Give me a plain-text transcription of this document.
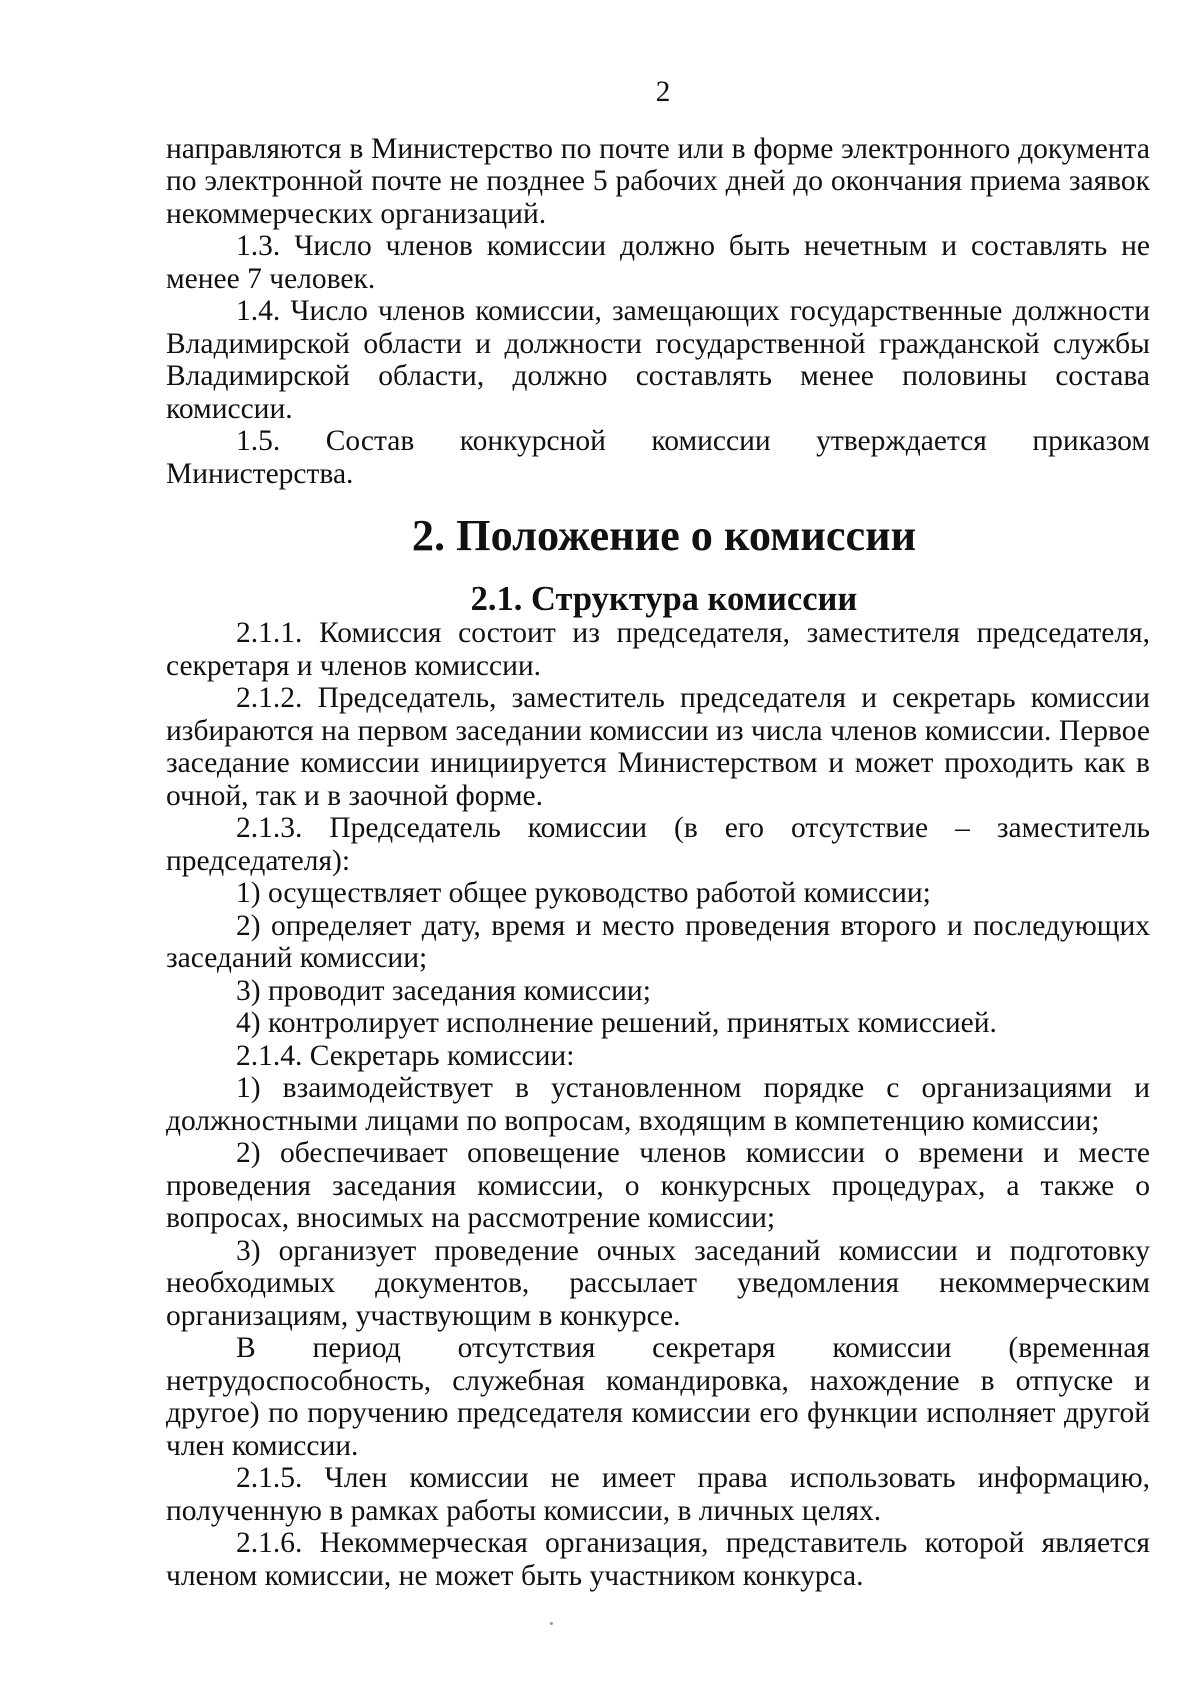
2

направляются в Министерство по почте или в форме электронного документа по электронной почте не позднее 5 рабочих дней до окончания приема заявок некоммерческих организаций.

1.3. Число членов комиссии должно быть нечетным и составлять не менее 7 человек.

1.4. Число членов комиссии, замещающих государственные должности Владимирской области и должности государственной гражданской службы Владимирской области, должно составлять менее половины состава комиссии.

1.5. Состав конкурсной комиссии утверждается приказом Министерства.

2. Положение о комиссии
2.1. Структура комиссии

2.1.1. Комиссия состоит из председателя, заместителя председателя, секретаря и членов комиссии.

2.1.2. Председатель, заместитель председателя и секретарь комиссии избираются на первом заседании комиссии из числа членов комиссии. Первое заседание комиссии инициируется Министерством и может проходить как в очной, так и в заочной форме.

2.1.3. Председатель комиссии (в его отсутствие – заместитель председателя):

1) осуществляет общее руководство работой комиссии;

2) определяет дату, время и место проведения второго и последующих заседаний комиссии;

3) проводит заседания комиссии;

4) контролирует исполнение решений, принятых комиссией.

2.1.4. Секретарь комиссии:

1) взаимодействует в установленном порядке с организациями и должностными лицами по вопросам, входящим в компетенцию комиссии;

2) обеспечивает оповещение членов комиссии о времени и месте проведения заседания комиссии, о конкурсных процедурах, а также о вопросах, вносимых на рассмотрение комиссии;

3) организует проведение очных заседаний комиссии и подготовку необходимых документов, рассылает уведомления некоммерческим организациям, участвующим в конкурсе.

В период отсутствия секретаря комиссии (временная нетрудоспособность, служебная командировка, нахождение в отпуске и другое) по поручению председателя комиссии его функции исполняет другой член комиссии.

2.1.5. Член комиссии не имеет права использовать информацию, полученную в рамках работы комиссии, в личных целях.

2.1.6. Некоммерческая организация, представитель которой является членом комиссии, не может быть участником конкурса.
